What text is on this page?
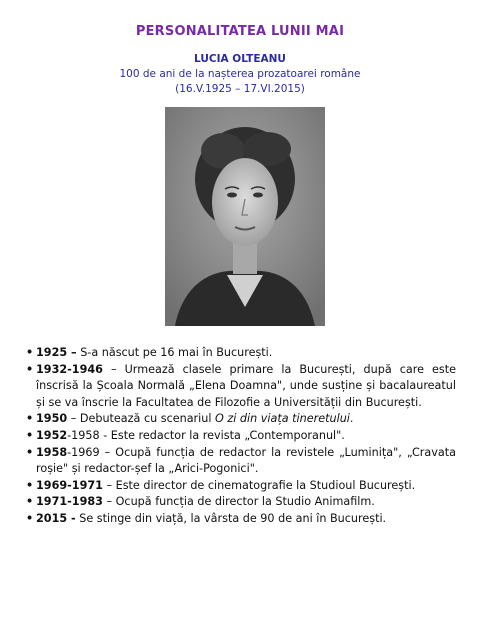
PERSONALITATEA LUNII MAI
LUCIA OLTEANU
100 de ani de la nașterea prozatoarei române
(16.V.1925 – 17.VI.2015)
• 1925 – S-a născut pe 16 mai în București.
• 1932-1946 – Urmează clasele primare la București, după care este înscrisă la Școala Normală „Elena Doamna", unde susține și bacalaureatul și se va înscrie la Facultatea de Filozofie a Universității din București.
• 1950 – Debutează cu scenariul O zi din viața tineretului.
• 1952-1958 - Este redactor la revista „Contemporanul".
• 1958-1969 – Ocupă funcția de redactor la revistele „Luminița", „Cravata roșie" și redactor-șef la „Arici-Pogonici".
• 1969-1971 – Este director de cinematografie la Studioul București.
• 1971-1983 – Ocupă funcția de director la Studio Animafilm.
• 2015 - Se stinge din viață, la vârsta de 90 de ani în București.
